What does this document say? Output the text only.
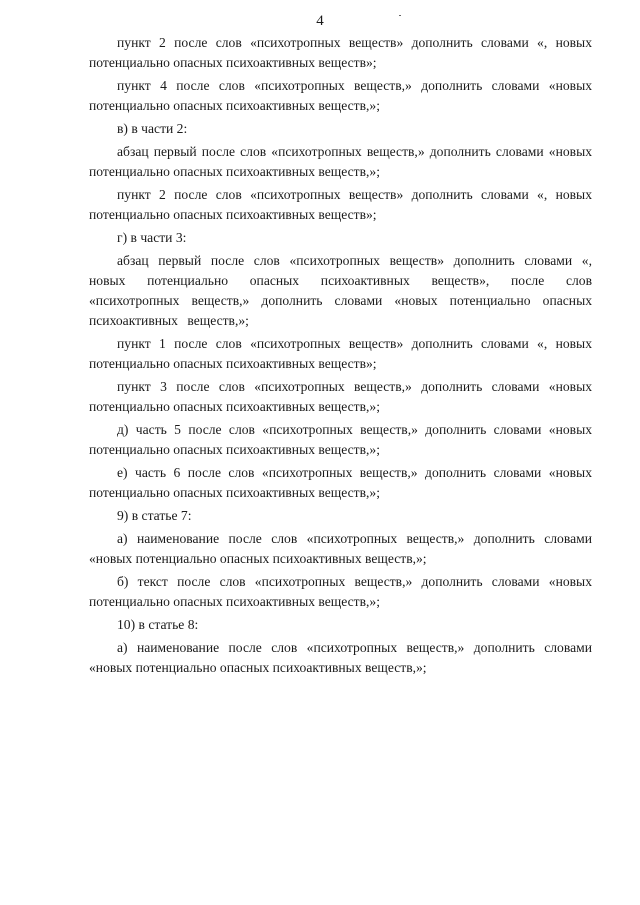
4

пункт 2 после слов «психотропных веществ» дополнить словами «, новых потенциально опасных психоактивных веществ»;

пункт 4 после слов «психотропных веществ,» дополнить словами «новых потенциально опасных психоактивных веществ,»;

в) в части 2:

абзац первый после слов «психотропных веществ,» дополнить словами «новых потенциально опасных психоактивных веществ,»;

пункт 2 после слов «психотропных веществ» дополнить словами «, новых потенциально опасных психоактивных веществ»;

г) в части 3:

абзац первый после слов «психотропных веществ» дополнить словами «, новых потенциально опасных психоактивных веществ», после слов «психотропных веществ,» дополнить словами «новых потенциально опасных психоактивных веществ,»;

пункт 1 после слов «психотропных веществ» дополнить словами «, новых потенциально опасных психоактивных веществ»;

пункт 3 после слов «психотропных веществ,» дополнить словами «новых потенциально опасных психоактивных веществ,»;

д) часть 5 после слов «психотропных веществ,» дополнить словами «новых потенциально опасных психоактивных веществ,»;

е) часть 6 после слов «психотропных веществ,» дополнить словами «новых потенциально опасных психоактивных веществ,»;

9) в статье 7:

а) наименование после слов «психотропных веществ,» дополнить словами «новых потенциально опасных психоактивных веществ,»;

б) текст после слов «психотропных веществ,» дополнить словами «новых потенциально опасных психоактивных веществ,»;

10) в статье 8:

а) наименование после слов «психотропных веществ,» дополнить словами «новых потенциально опасных психоактивных веществ,»;
